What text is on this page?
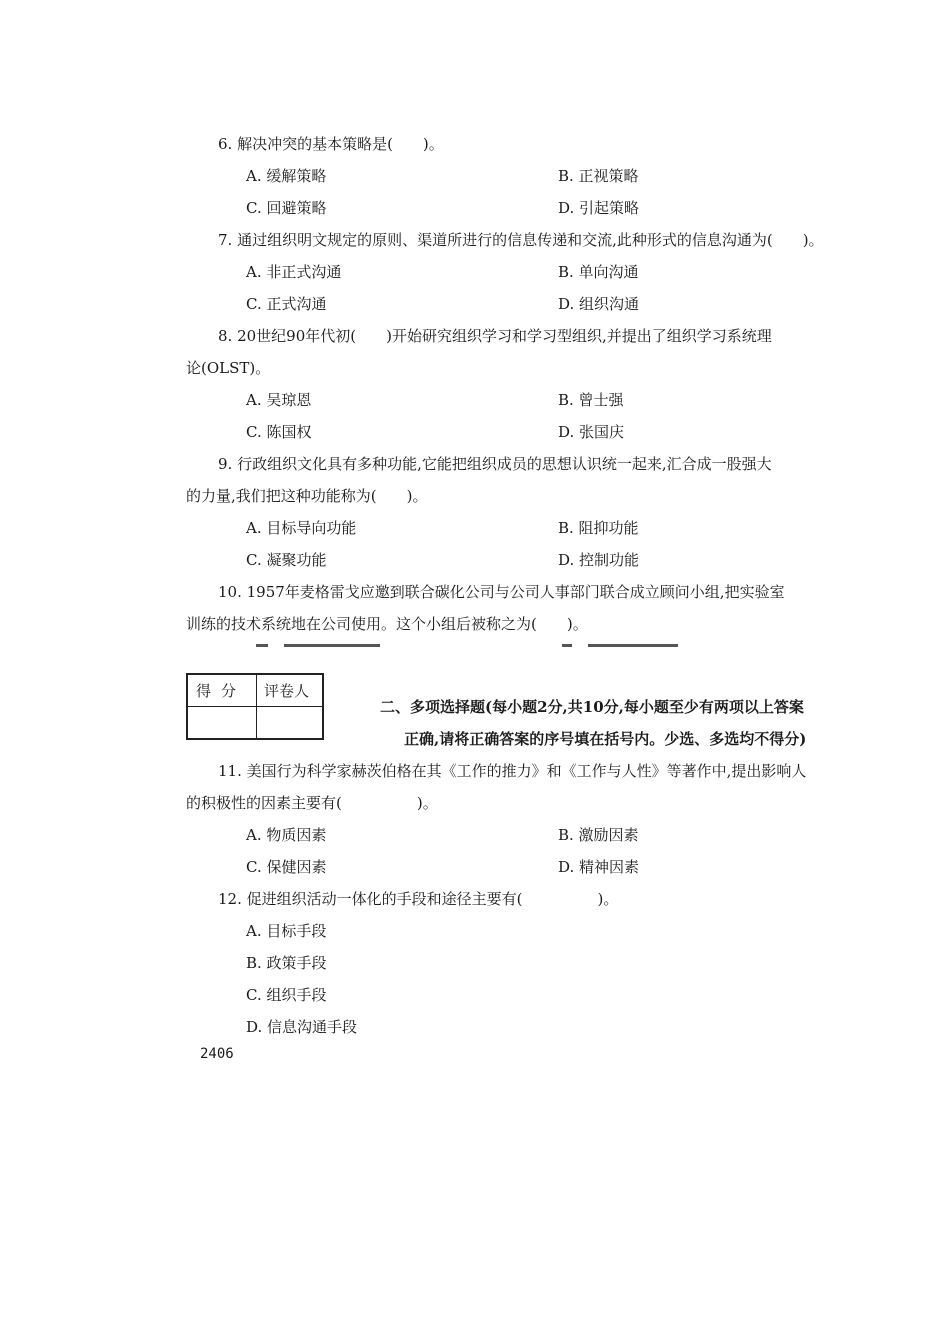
6. 解决冲突的基本策略是(　　)。
A. 缓解策略	B. 正视策略
C. 回避策略	D. 引起策略
7. 通过组织明文规定的原则、渠道所进行的信息传递和交流,此种形式的信息沟通为(　　)。
A. 非正式沟通	B. 单向沟通
C. 正式沟通	D. 组织沟通
8. 20世纪90年代初(　　)开始研究组织学习和学习型组织,并提出了组织学习系统理
论(OLST)。
A. 吴琼恩	B. 曾士强
C. 陈国权	D. 张国庆
9. 行政组织文化具有多种功能,它能把组织成员的思想认识统一起来,汇合成一股强大
的力量,我们把这种功能称为(　　)。
A. 目标导向功能	B. 阻抑功能
C. 凝聚功能	D. 控制功能
10. 1957年麦格雷戈应邀到联合碳化公司与公司人事部门联合成立顾问小组,把实验室
训练的技术系统地在公司使用。这个小组后被称之为(　　)。
得分 评卷人
二、多项选择题(每小题2分,共10分,每小题至少有两项以上答案
正确,请将正确答案的序号填在括号内。少选、多选均不得分)
11. 美国行为科学家赫茨伯格在其《工作的推力》和《工作与人性》等著作中,提出影响人
的积极性的因素主要有(　　　　　)。
A. 物质因素	B. 激励因素
C. 保健因素	D. 精神因素
12. 促进组织活动一体化的手段和途径主要有(　　　　　)。
A. 目标手段
B. 政策手段
C. 组织手段
D. 信息沟通手段
2406
